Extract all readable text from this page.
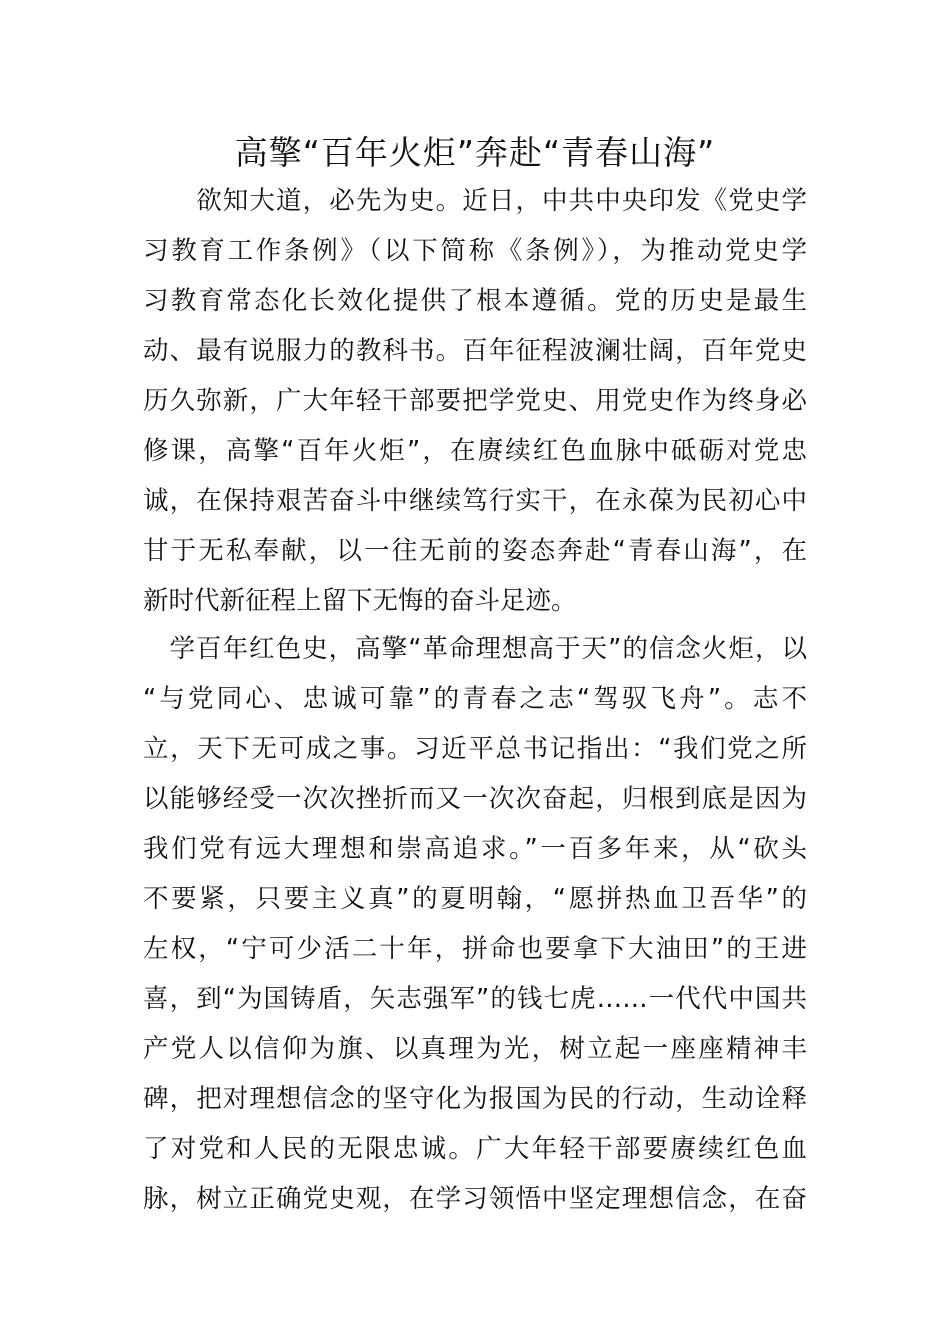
高擎“百年火炬”奔赴“青春山海”

　　欲知大道，必先为史。近日，中共中央印发《党史学

习教育工作条例》（以下简称《条例》），为推动党史学

习教育常态化长效化提供了根本遵循。党的历史是最生

动、最有说服力的教科书。百年征程波澜壮阔，百年党史

历久弥新，广大年轻干部要把学党史、用党史作为终身必

修课，高擎“百年火炬”，在赓续红色血脉中砥砺对党忠

诚，在保持艰苦奋斗中继续笃行实干，在永葆为民初心中

甘于无私奉献，以一往无前的姿态奔赴“青春山海”，在

新时代新征程上留下无悔的奋斗足迹。

　学百年红色史，高擎“革命理想高于天”的信念火炬，以

“与党同心、忠诚可靠”的青春之志“驾驭飞舟”。志不

立，天下无可成之事。习近平总书记指出：“我们党之所

以能够经受一次次挫折而又一次次奋起，归根到底是因为

我们党有远大理想和崇高追求。”一百多年来，从“砍头

不要紧，只要主义真”的夏明翰，“愿拼热血卫吾华”的

左权，“宁可少活二十年，拼命也要拿下大油田”的王进

喜，到“为国铸盾，矢志强军”的钱七虎……一代代中国共

产党人以信仰为旗、以真理为光，树立起一座座精神丰

碑，把对理想信念的坚守化为报国为民的行动，生动诠释

了对党和人民的无限忠诚。广大年轻干部要赓续红色血

脉，树立正确党史观，在学习领悟中坚定理想信念，在奋
